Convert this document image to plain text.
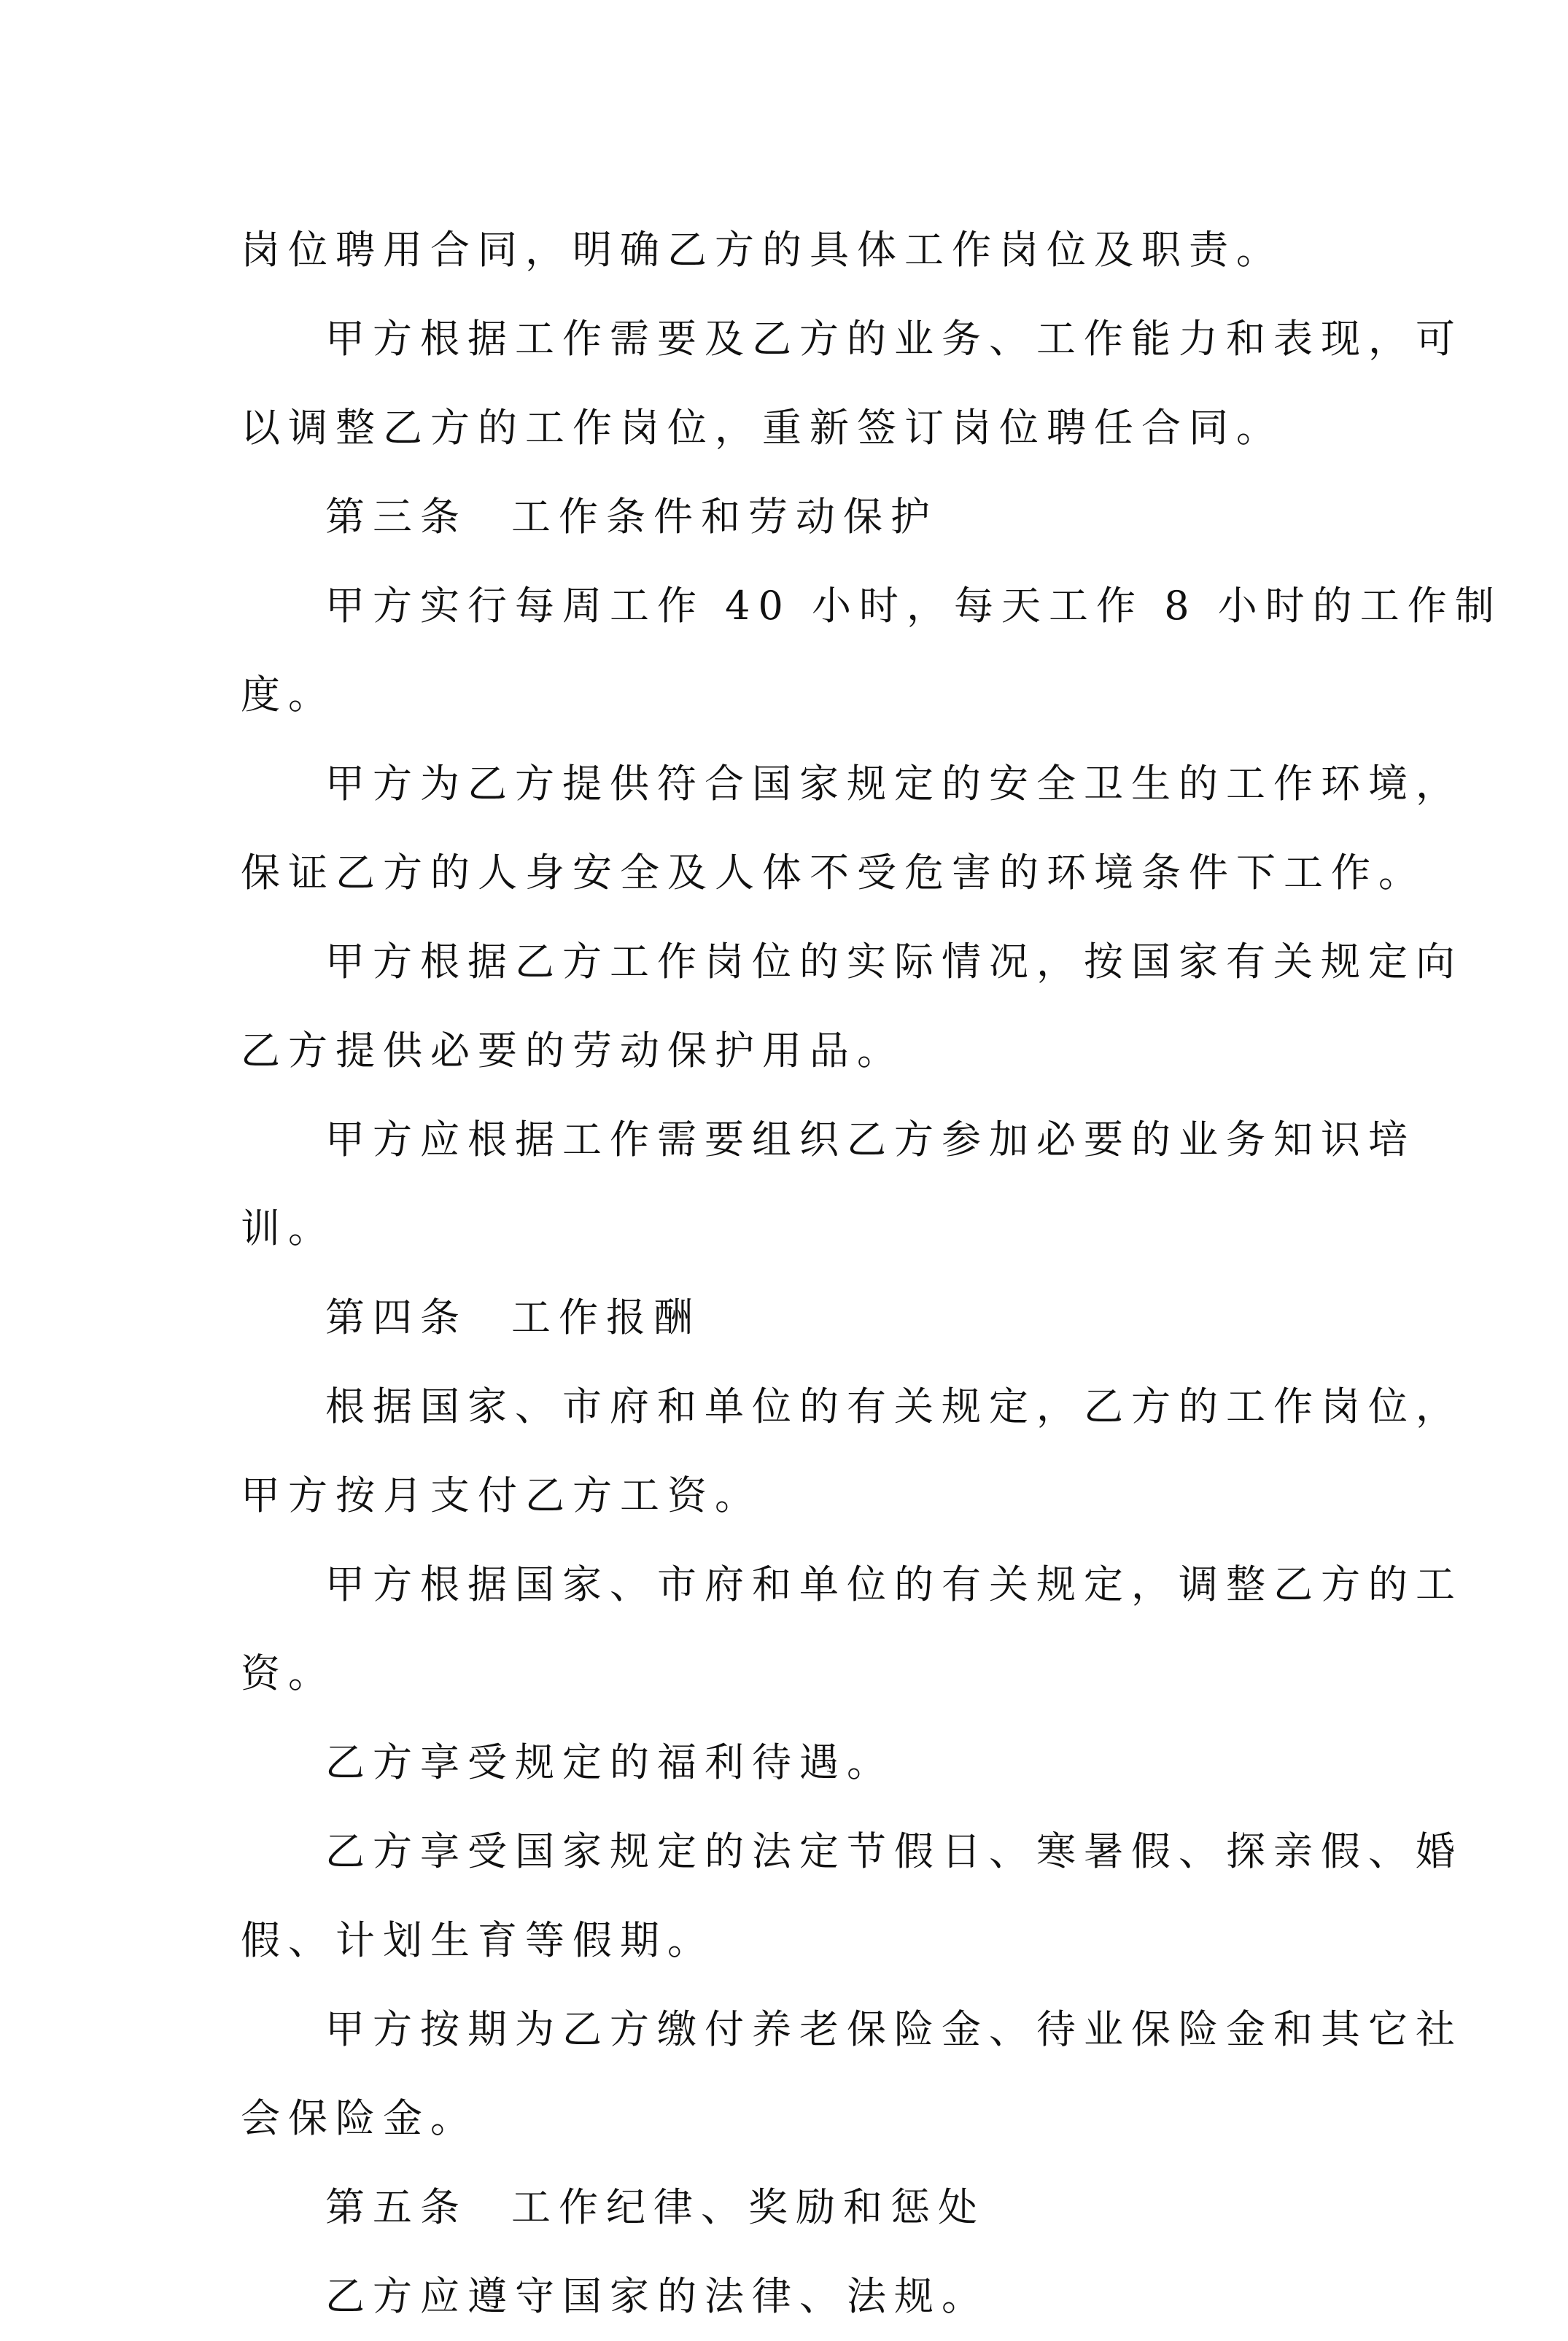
岗位聘用合同，明确乙方的具体工作岗位及职责。
甲方根据工作需要及乙方的业务、工作能力和表现，可
以调整乙方的工作岗位，重新签订岗位聘任合同。
第三条 工作条件和劳动保护
甲方实行每周工作 40 小时，每天工作 8 小时的工作制
度。
甲方为乙方提供符合国家规定的安全卫生的工作环境，
保证乙方的人身安全及人体不受危害的环境条件下工作。
甲方根据乙方工作岗位的实际情况，按国家有关规定向
乙方提供必要的劳动保护用品。
甲方应根据工作需要组织乙方参加必要的业务知识培
训。
第四条 工作报酬
根据国家、市府和单位的有关规定，乙方的工作岗位，
甲方按月支付乙方工资。
甲方根据国家、市府和单位的有关规定，调整乙方的工
资。
乙方享受规定的福利待遇。
乙方享受国家规定的法定节假日、寒暑假、探亲假、婚
假、计划生育等假期。
甲方按期为乙方缴付养老保险金、待业保险金和其它社
会保险金。
第五条 工作纪律、奖励和惩处
乙方应遵守国家的法律、法规。
